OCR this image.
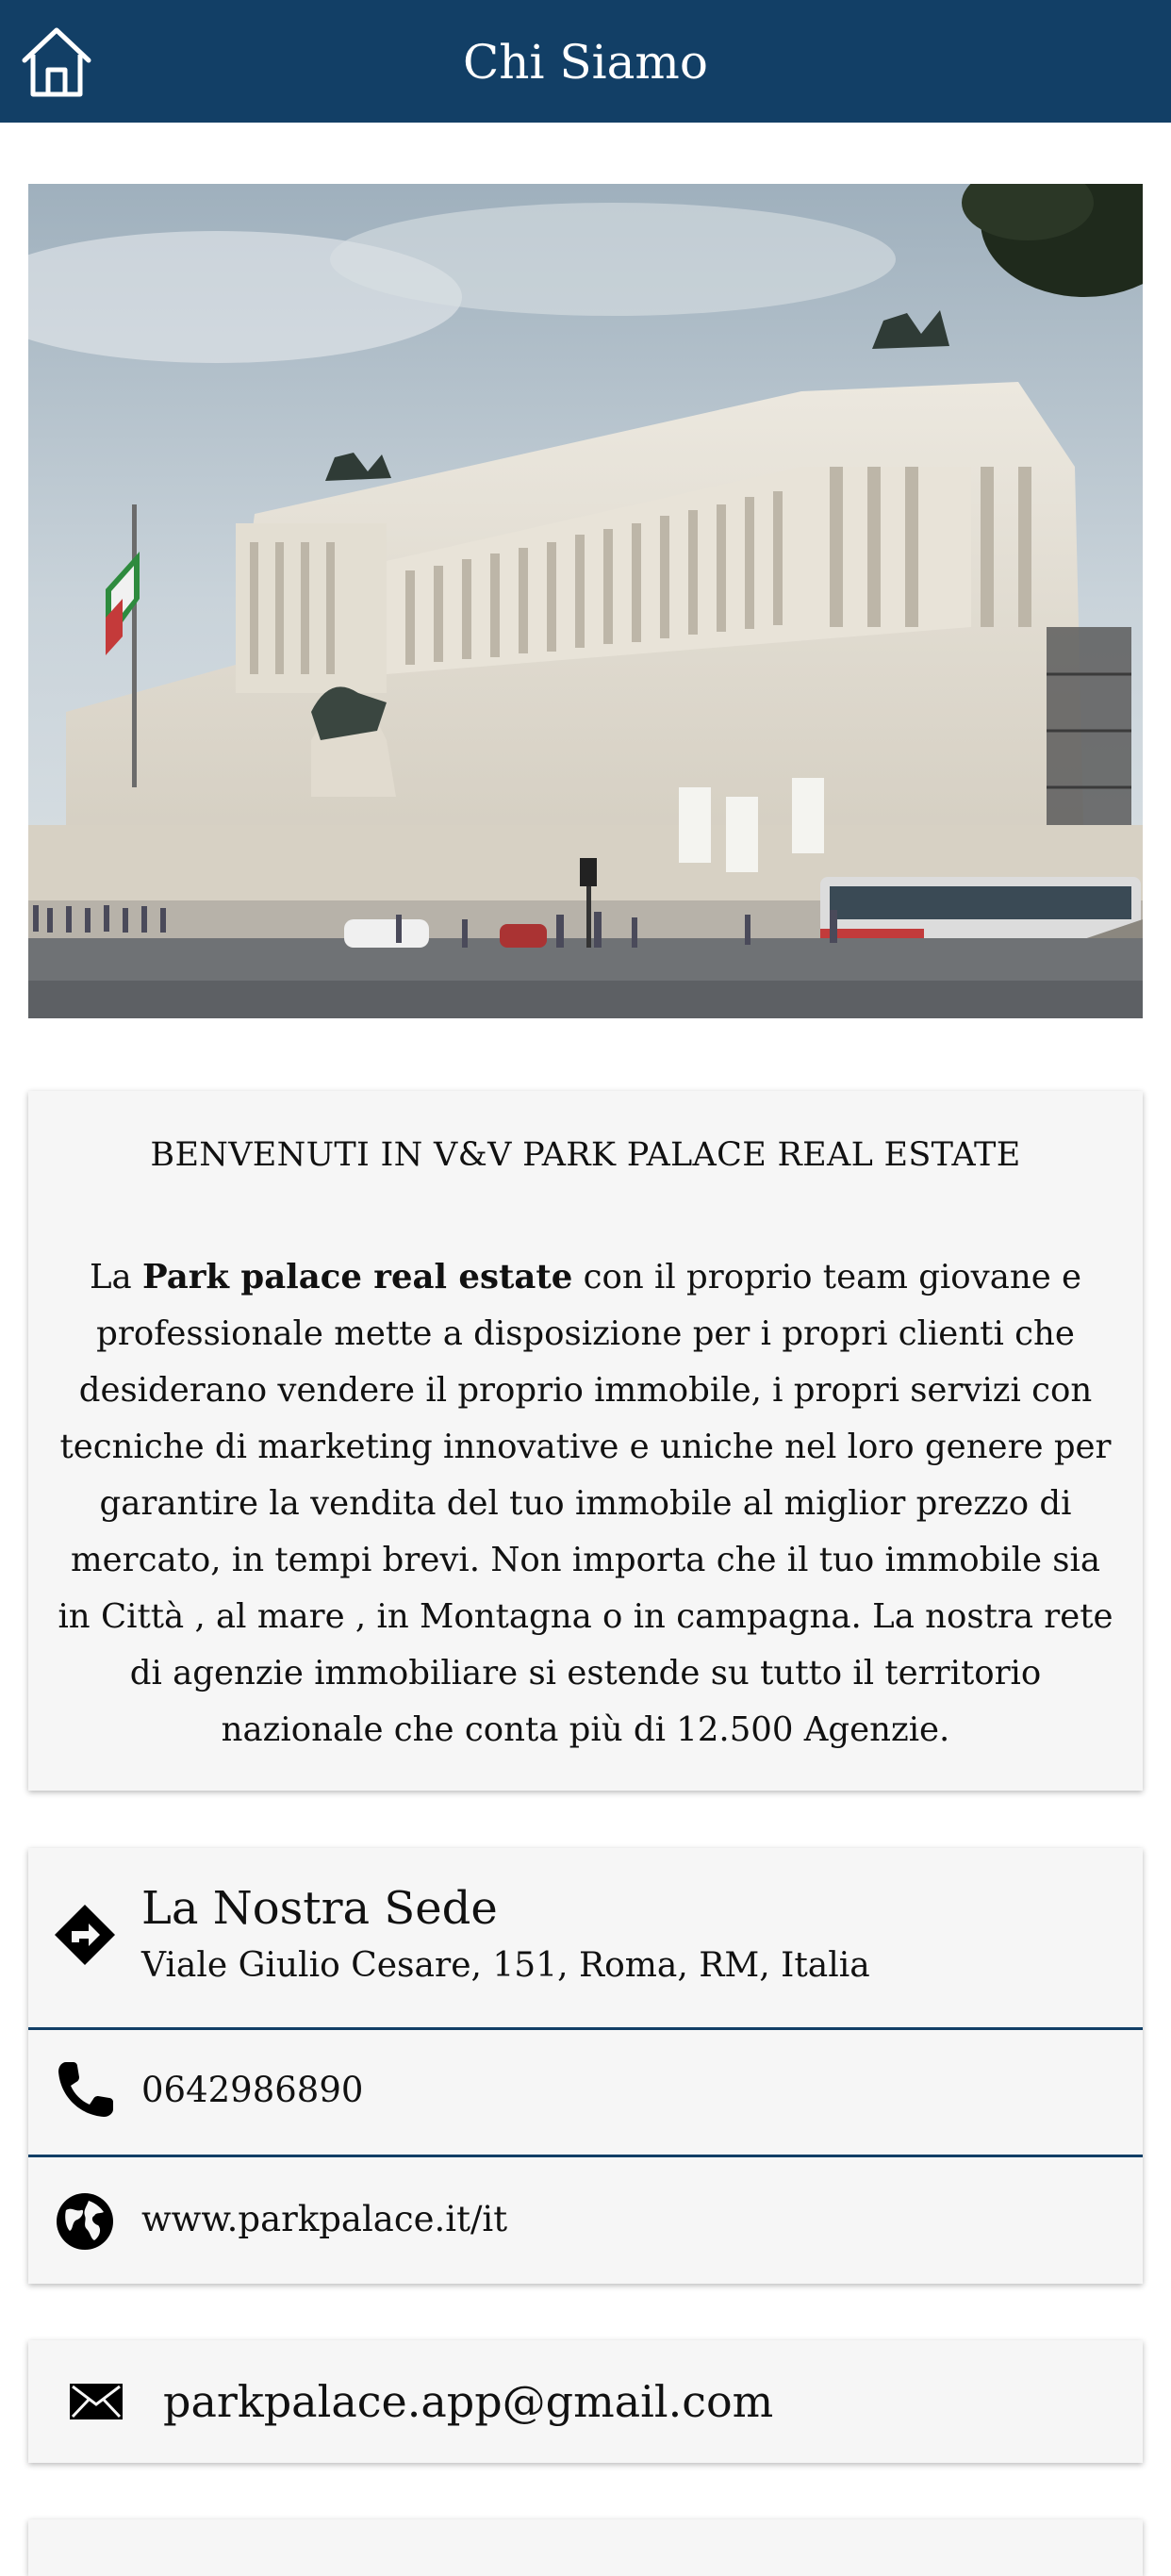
Chi Siamo
BENVENUTI IN V&V PARK PALACE REAL ESTATE
La Park palace real estate con il proprio team giovane e professionale mette a disposizione per i propri clienti che desiderano vendere il proprio immobile, i propri servizi con tecniche di marketing innovative e uniche nel loro genere per garantire la vendita del tuo immobile al miglior prezzo di mercato, in tempi brevi. Non importa che il tuo immobile sia in Città , al mare , in Montagna o in campagna. La nostra rete di agenzie immobiliare si estende su tutto il territorio nazionale che conta più di 12.500 Agenzie.
La Nostra Sede
Viale Giulio Cesare, 151, Roma, RM, Italia
0642986890
www.parkpalace.it/it
parkpalace.app@gmail.com
